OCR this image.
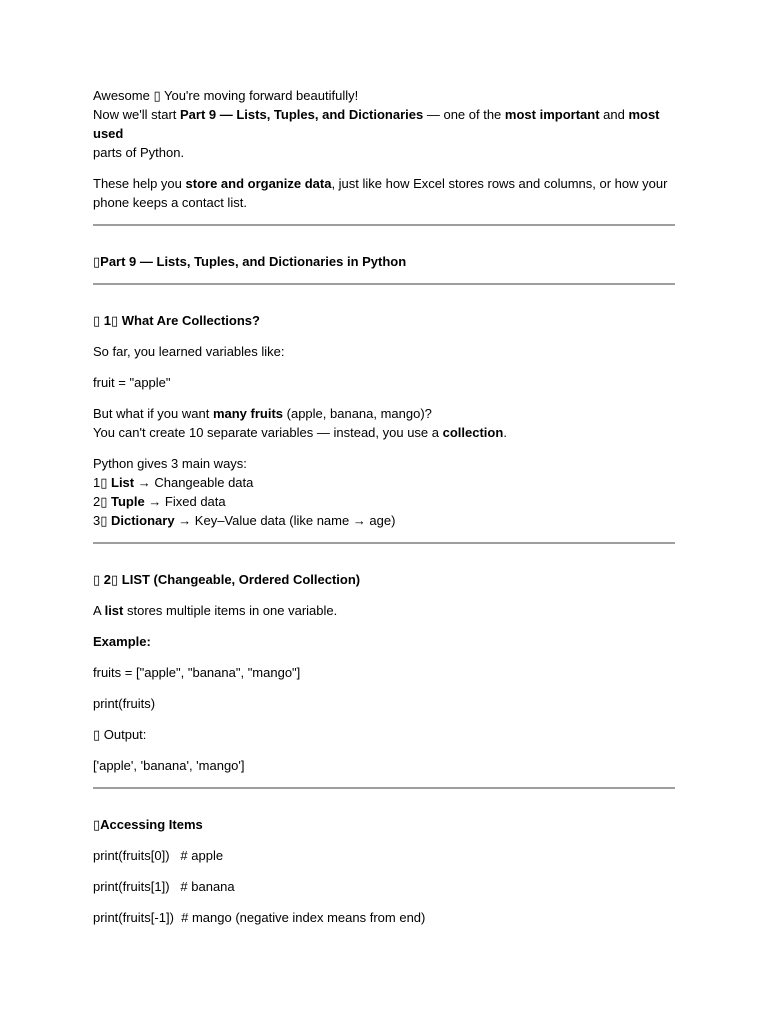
Awesome ▯ You're moving forward beautifully!

Now we'll start Part 9 — Lists, Tuples, and Dictionaries — one of the most important and most used

parts of Python.

These help you store and organize data, just like how Excel stores rows and columns, or how your

phone keeps a contact list.

▯Part 9 — Lists, Tuples, and Dictionaries in Python

▯ 1▯ What Are Collections?

So far, you learned variables like:

fruit = "apple"

But what if you want many fruits (apple, banana, mango)?

You can't create 10 separate variables — instead, you use a collection.

Python gives 3 main ways:

1▯ List → Changeable data

2▯ Tuple → Fixed data

3▯ Dictionary → Key–Value data (like name → age)

▯ 2▯ LIST (Changeable, Ordered Collection)

A list stores multiple items in one variable.

Example:

fruits = ["apple", "banana", "mango"]

print(fruits)

▯ Output:

['apple', 'banana', 'mango']

▯Accessing Items

print(fruits[0])   # apple

print(fruits[1])   # banana

print(fruits[-1])  # mango (negative index means from end)
